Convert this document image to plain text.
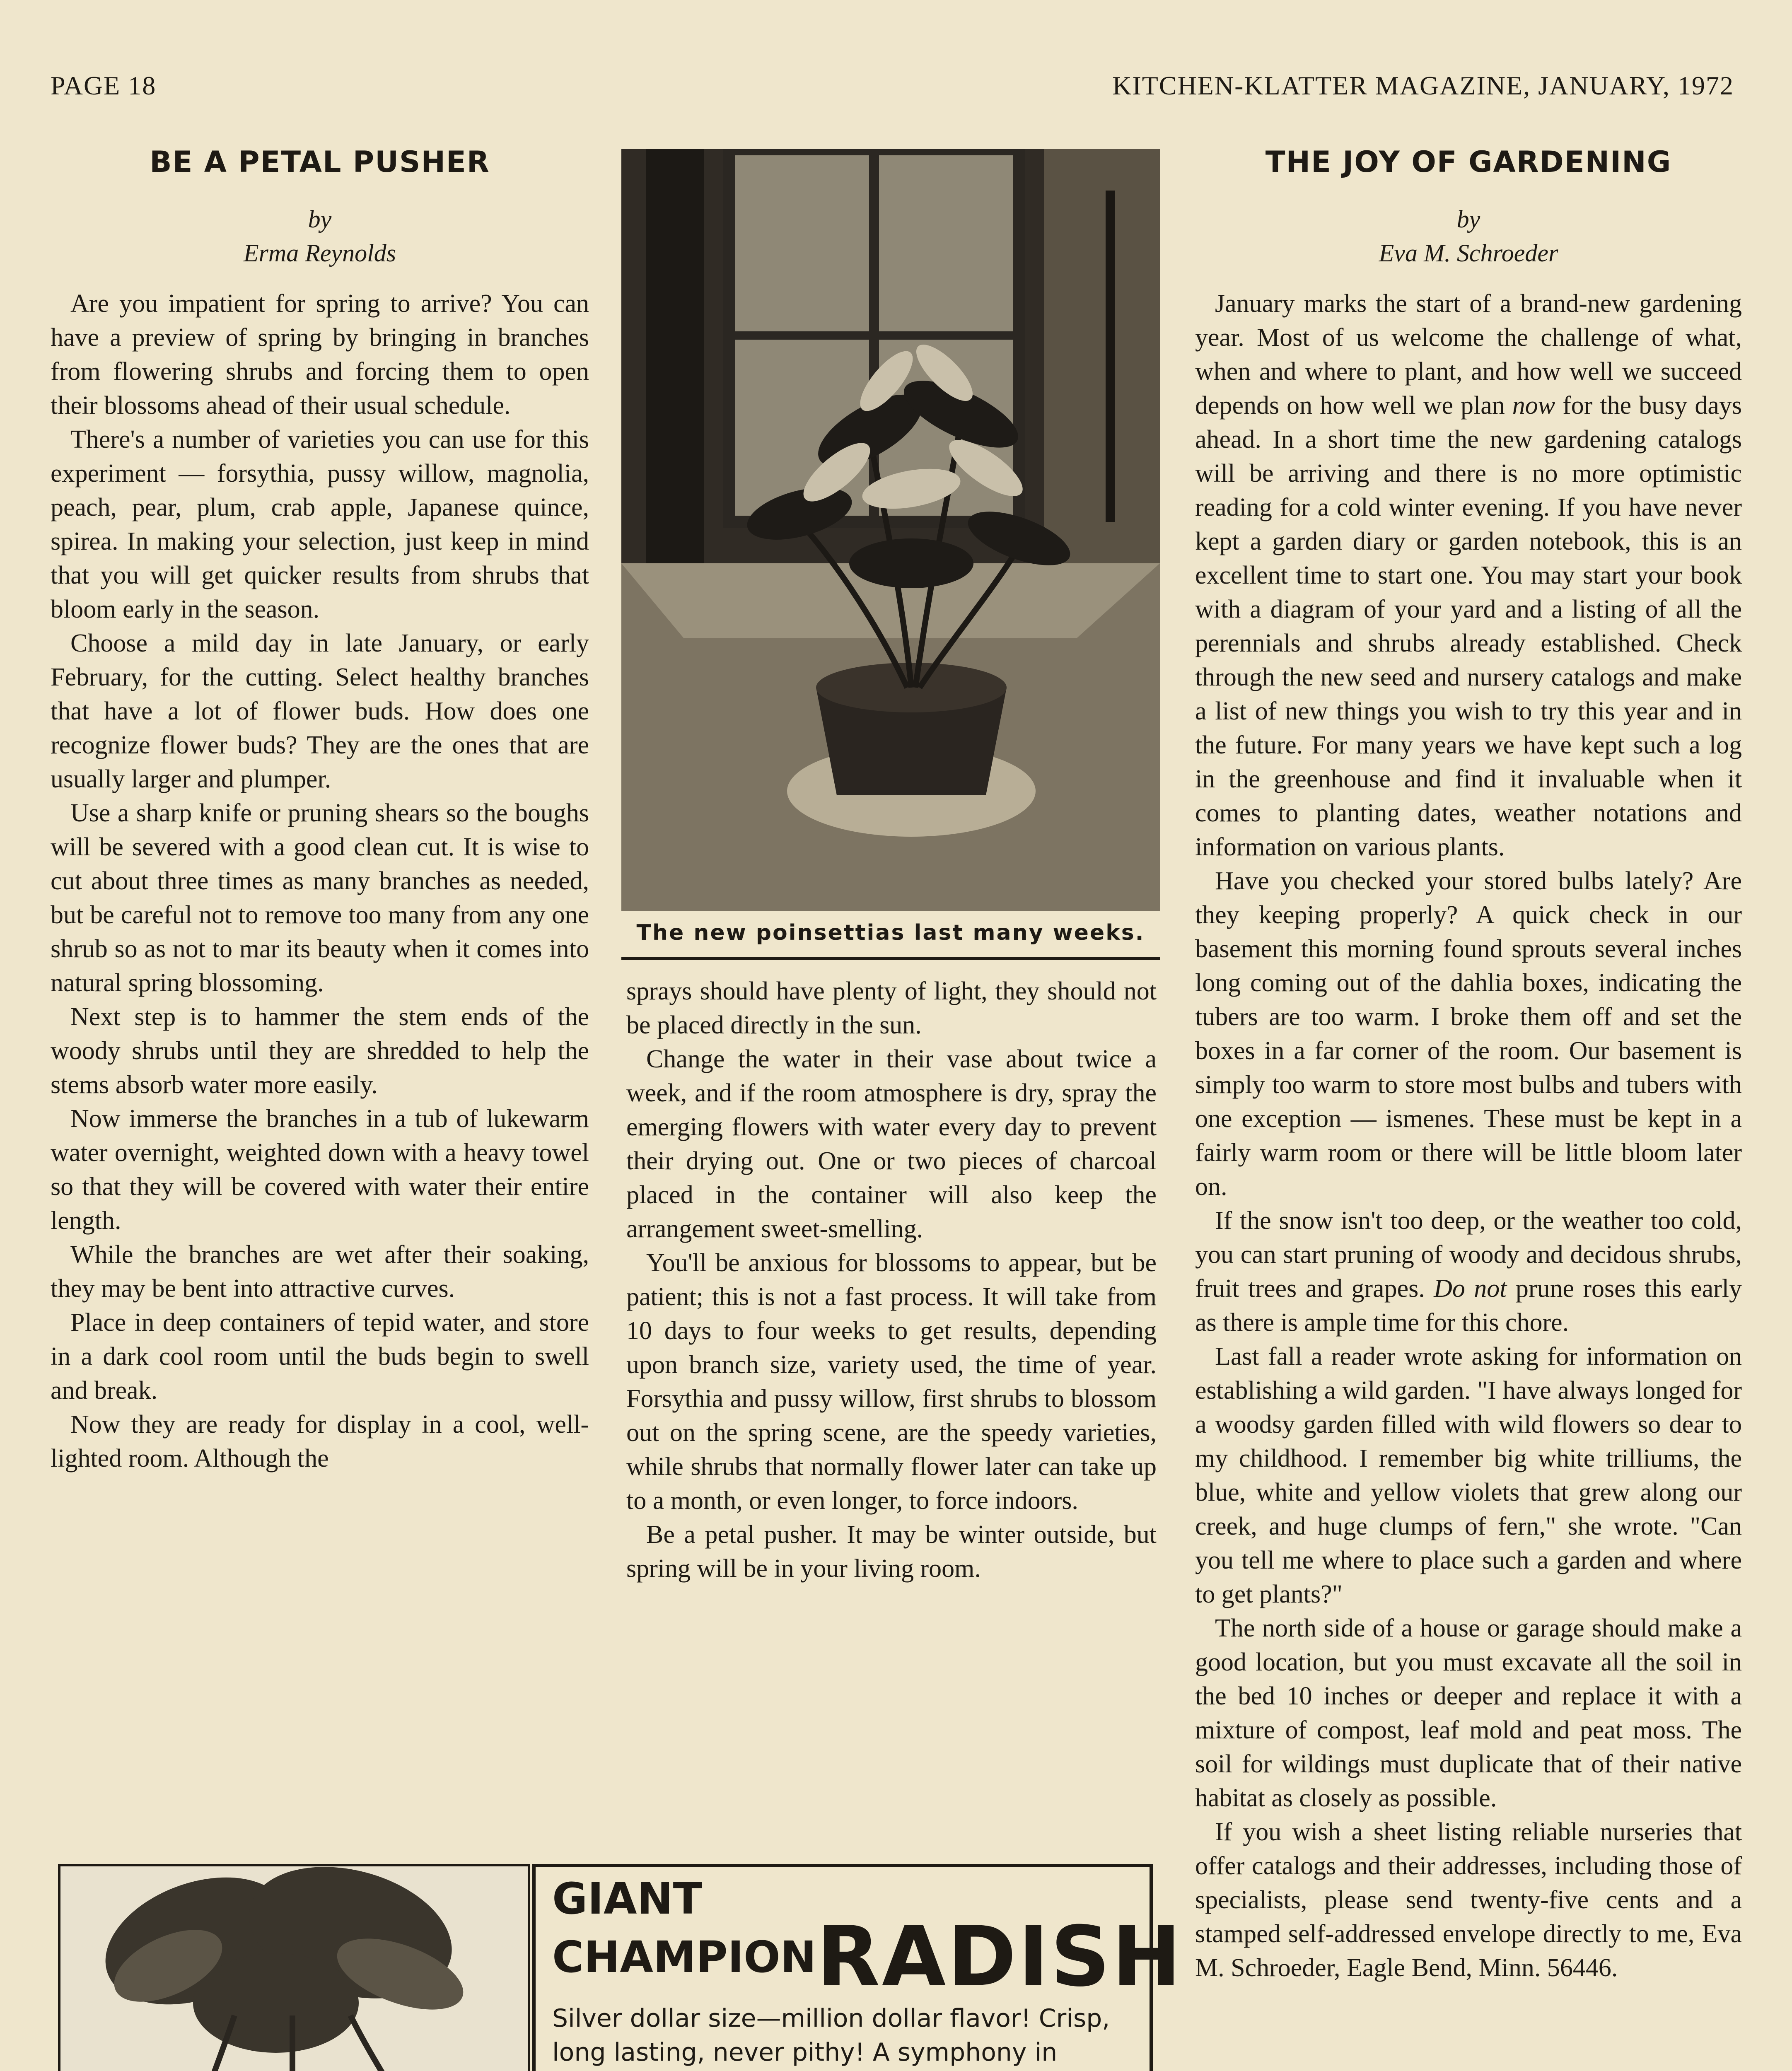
PAGE 18	KITCHEN-KLATTER MAGAZINE, JANUARY, 1972
BE A PETAL PUSHER
by
Erma Reynolds

Are you impatient for spring to arrive? You can have a preview of spring by bringing in branches from flowering shrubs and forcing them to open their blossoms ahead of their usual schedule.

There's a number of varieties you can use for this experiment — forsythia, pussy willow, magnolia, peach, pear, plum, crab apple, Japanese quince, spirea. In making your selection, just keep in mind that you will get quicker results from shrubs that bloom early in the season.

Choose a mild day in late January, or early February, for the cutting. Select healthy branches that have a lot of flower buds. How does one recognize flower buds? They are the ones that are usually larger and plumper.

Use a sharp knife or pruning shears so the boughs will be severed with a good clean cut. It is wise to cut about three times as many branches as needed, but be careful not to remove too many from any one shrub so as not to mar its beauty when it comes into natural spring blossoming.

Next step is to hammer the stem ends of the woody shrubs until they are shredded to help the stems absorb water more easily.

Now immerse the branches in a tub of lukewarm water overnight, weighted down with a heavy towel so that they will be covered with water their entire length.

While the branches are wet after their soaking, they may be bent into attractive curves.

Place in deep containers of tepid water, and store in a dark cool room until the buds begin to swell and break.

Now they are ready for display in a cool, well-lighted room. Although the

The new poinsettias last many weeks.

sprays should have plenty of light, they should not be placed directly in the sun.

Change the water in their vase about twice a week, and if the room atmosphere is dry, spray the emerging flowers with water every day to prevent their drying out. One or two pieces of charcoal placed in the container will also keep the arrangement sweet-smelling.

You'll be anxious for blossoms to appear, but be patient; this is not a fast process. It will take from 10 days to four weeks to get results, depending upon branch size, variety used, the time of year. Forsythia and pussy willow, first shrubs to blossom out on the spring scene, are the speedy varieties, while shrubs that normally flower later can take up to a month, or even longer, to force indoors.

Be a petal pusher. It may be winter outside, but spring will be in your living room.

THE JOY OF GARDENING
by
Eva M. Schroeder

January marks the start of a brand-new gardening year. Most of us welcome the challenge of what, when and where to plant, and how well we succeed depends on how well we plan now for the busy days ahead. In a short time the new gardening catalogs will be arriving and there is no more optimistic reading for a cold winter evening. If you have never kept a garden diary or garden notebook, this is an excellent time to start one. You may start your book with a diagram of your yard and a listing of all the perennials and shrubs already established. Check through the new seed and nursery catalogs and make a list of new things you wish to try this year and in the future. For many years we have kept such a log in the greenhouse and find it invaluable when it comes to planting dates, weather notations and information on various plants.

Have you checked your stored bulbs lately? Are they keeping properly? A quick check in our basement this morning found sprouts several inches long coming out of the dahlia boxes, indicating the tubers are too warm. I broke them off and set the boxes in a far corner of the room. Our basement is simply too warm to store most bulbs and tubers with one exception — ismenes. These must be kept in a fairly warm room or there will be little bloom later on.

If the snow isn't too deep, or the weather too cold, you can start pruning of woody and decidous shrubs, fruit trees and grapes. Do not prune roses this early as there is ample time for this chore.

Last fall a reader wrote asking for information on establishing a wild garden. "I have always longed for a woodsy garden filled with wild flowers so dear to my childhood. I remember big white trilliums, the blue, white and yellow violets that grew along our creek, and huge clumps of fern," she wrote. "Can you tell me where to place such a garden and where to get plants?"

The north side of a house or garage should make a good location, but you must excavate all the soil in the bed 10 inches or deeper and replace it with a mixture of compost, leaf mold and peat moss. The soil for wildings must duplicate that of their native habitat as closely as possible.

If you wish a sheet listing reliable nurseries that offer catalogs and their addresses, including those of specialists, please send twenty-five cents and a stamped self-addressed envelope directly to me, Eva M. Schroeder, Eagle Bend, Minn. 56446.

GIANT
CHAMPIONRADISH
Silver dollar size—million dollar flavor! Crisp, long lasting, never pithy! A symphony in
